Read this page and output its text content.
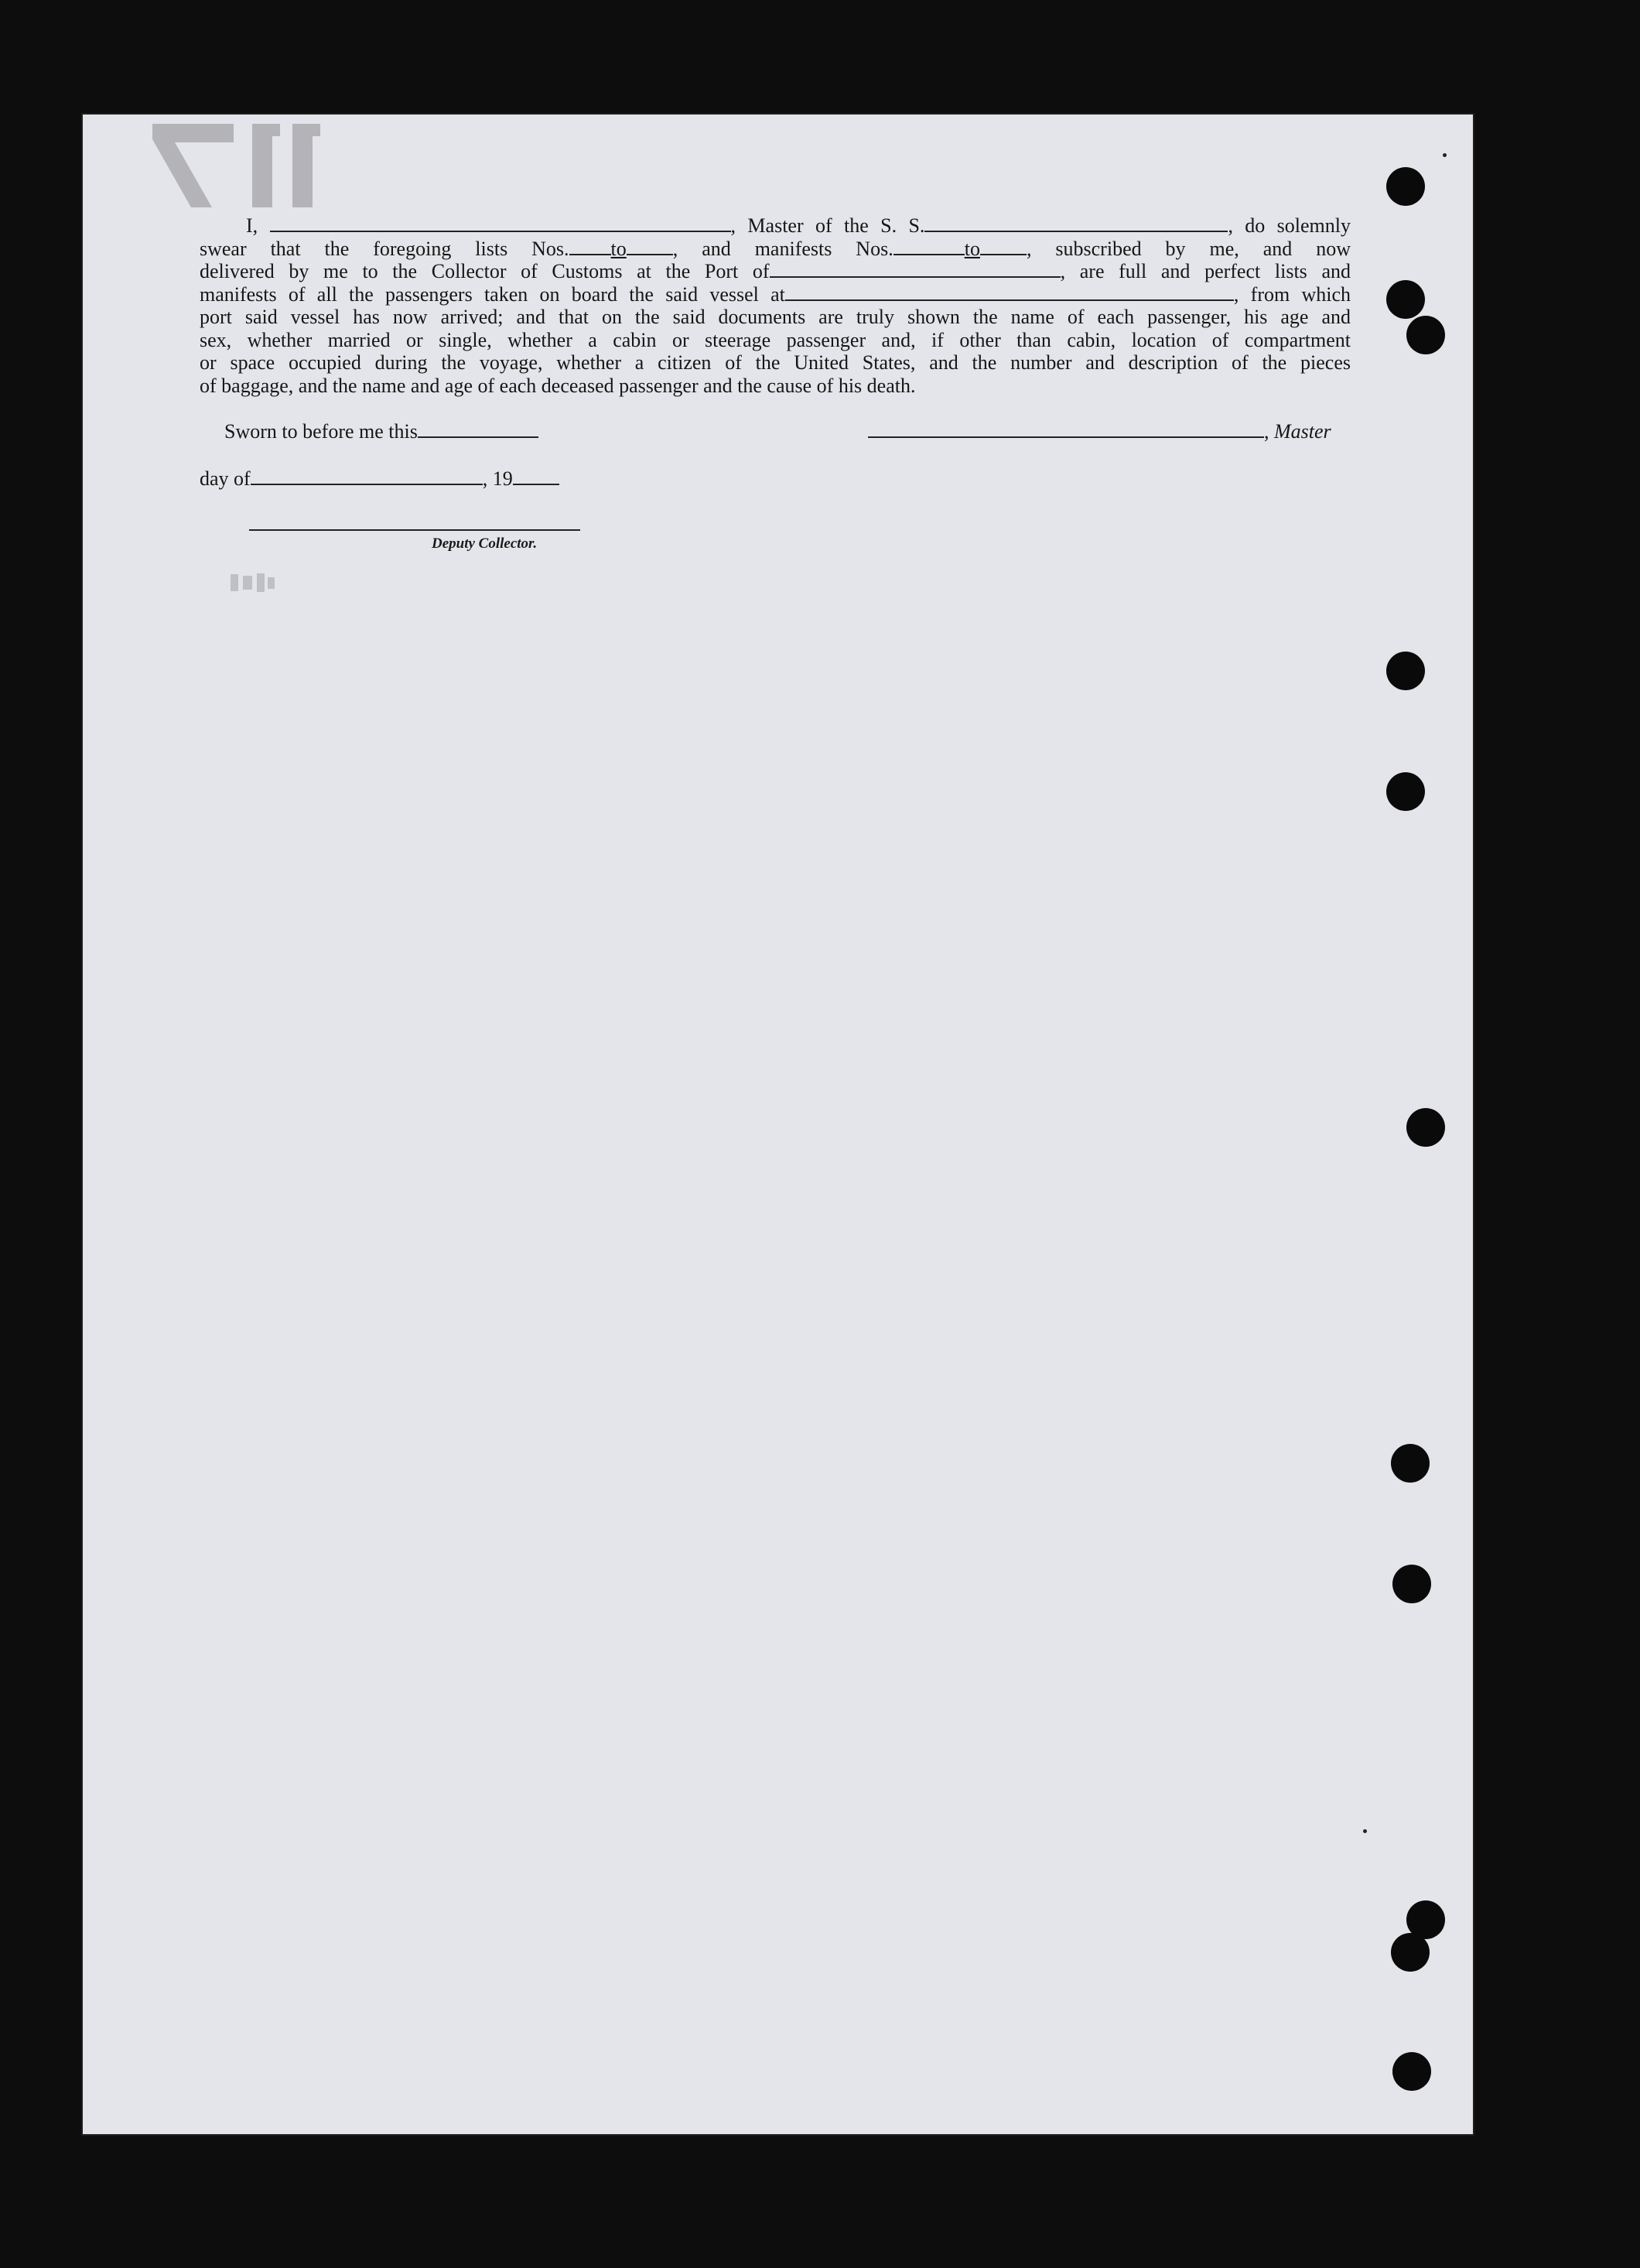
I,	, Master of the S. S.	, do solemnly
swear that the foregoing lists Nos. to , and manifests Nos.	to , subscribed by me, and now
delivered by me to the Collector of Customs at the Port of	, are full and perfect lists and
manifests of all the passengers taken on board the said vessel at	, from which
port said vessel has now arrived; and that on the said documents are truly shown the name of each passenger, his age and
sex, whether married or single, whether a cabin or steerage passenger and, if other than cabin, location of compartment
or space occupied during the voyage, whether a citizen of the United States, and the number and description of the pieces
of baggage, and the name and age of each deceased passenger and the cause of his death.
Sworn to before me this	, Master
day of	, 19
Deputy Collector.
